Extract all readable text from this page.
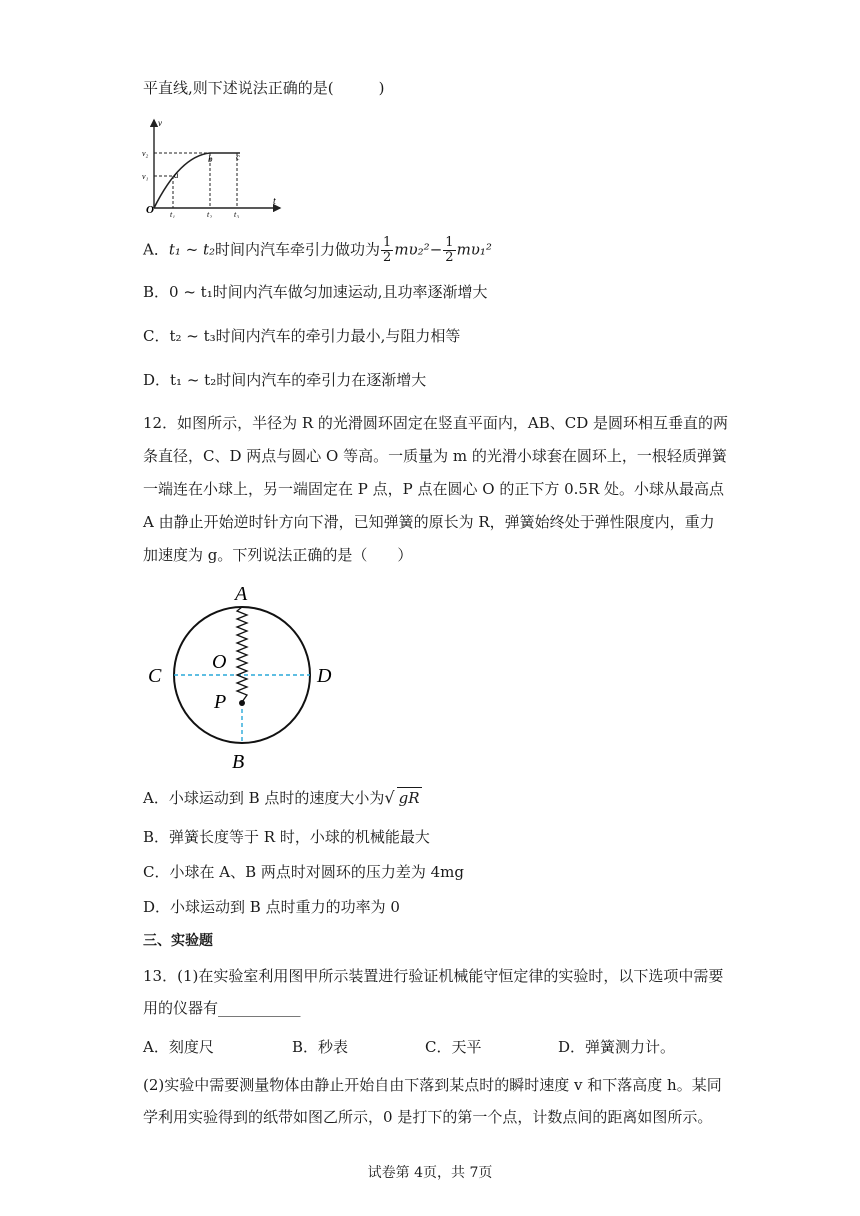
平直线,则下述说法正确的是(　　　)
v
t
O
v₂
v₁
t₁	t₂	t₃
a
b	c
A．t₁ ~ t₂时间内汽车牵引力做功为 $\frac{1}{2} m\upsilon_2^2- \frac{1}{2} m\upsilon_1^2$
B．0 ~ t₁时间内汽车做匀加速运动,且功率逐渐增大
C．t₂ ~ t₃时间内汽车的牵引力最小,与阻力相等
D．t₁ ~ t₂时间内汽车的牵引力在逐渐增大
12．如图所示，半径为 R 的光滑圆环固定在竖直平面内，AB、CD 是圆环相互垂直的两
条直径，C、D 两点与圆心 O 等高。一质量为 m 的光滑小球套在圆环上，一根轻质弹簧
一端连在小球上，另一端固定在 P 点，P 点在圆心 O 的正下方 0.5R 处。小球从最高点
A 由静止开始逆时针方向下滑，已知弹簧的原长为 R，弹簧始终处于弹性限度内，重力
加速度为 g。下列说法正确的是（　　）
A
B
C	D
O
P
A．小球运动到 B 点时的速度大小为√ gR
B．弹簧长度等于 R 时，小球的机械能最大
C．小球在 A、B 两点时对圆环的压力差为 4mg
D．小球运动到 B 点时重力的功率为 0
三、实验题
13．(1)在实验室利用图甲所示装置进行验证机械能守恒定律的实验时，以下选项中需要
用的仪器有___________
A．刻度尺	B．秒表	C．天平	D．弹簧测力计。
(2)实验中需要测量物体由静止开始自由下落到某点时的瞬时速度 v 和下落高度 h。某同
学利用实验得到的纸带如图乙所示，0 是打下的第一个点，计数点间的距离如图所示。
试卷第 4页，共 7页
